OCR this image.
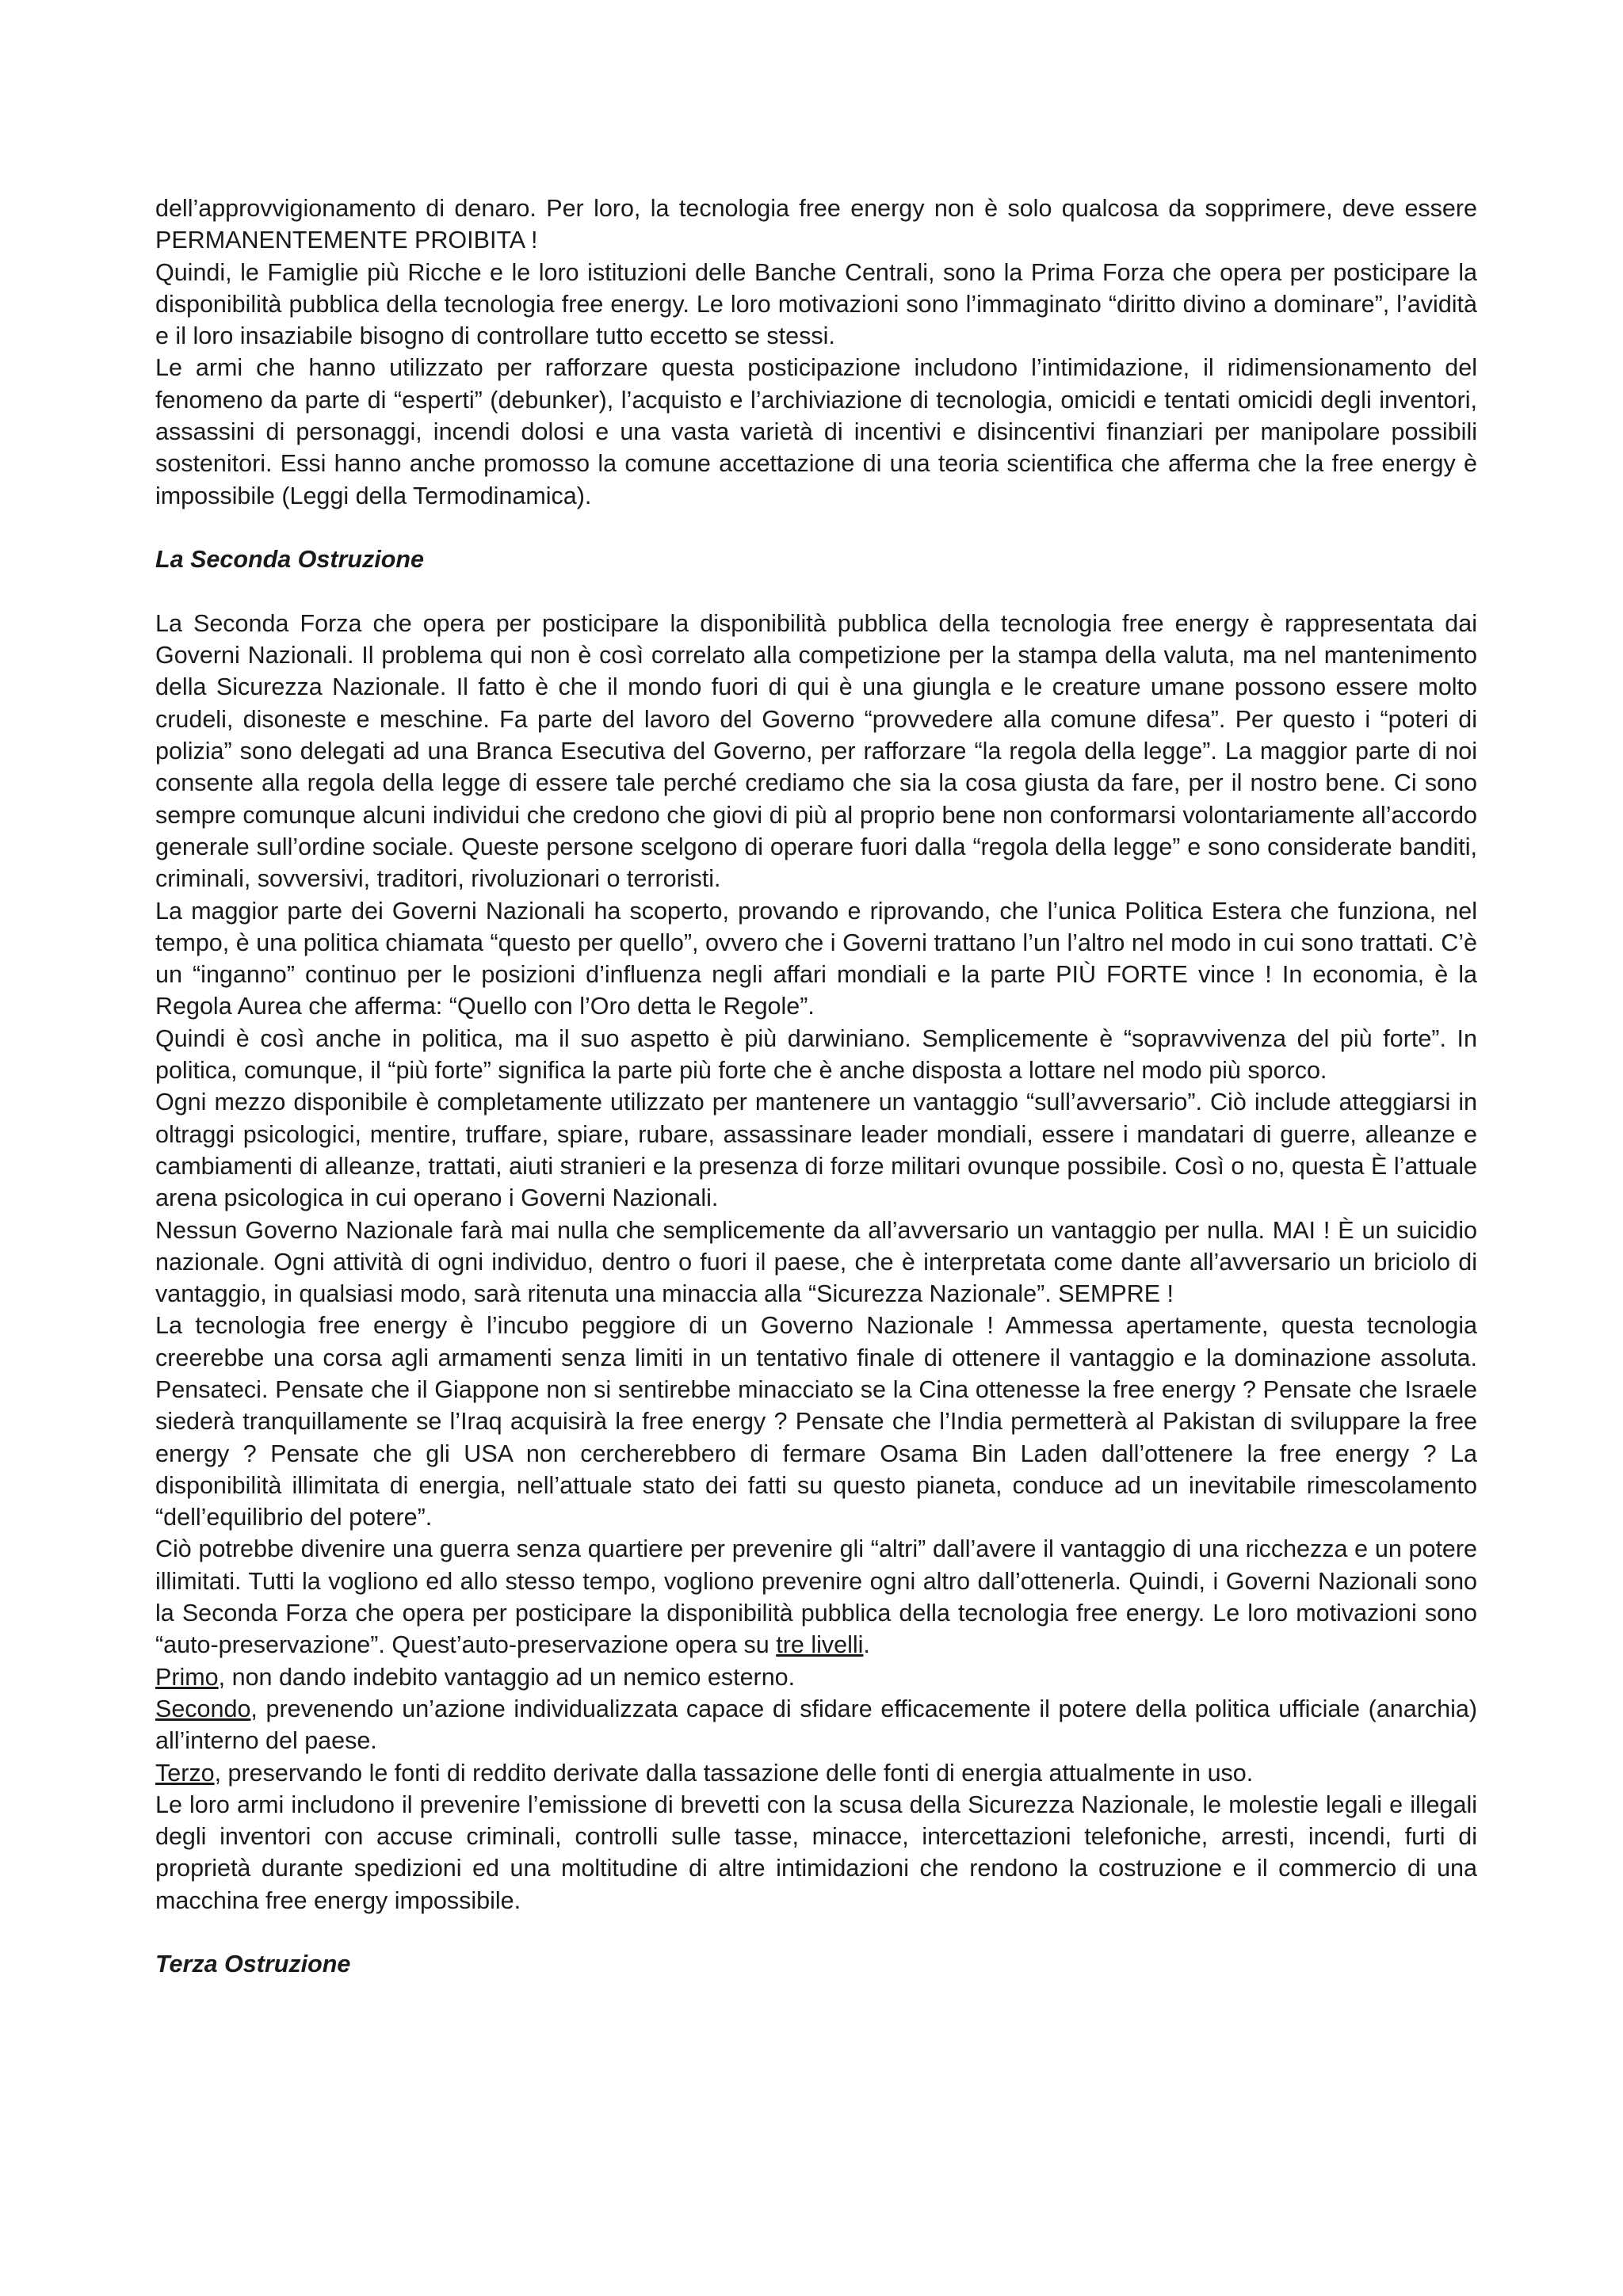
dell’approvvigionamento di denaro. Per loro, la tecnologia free energy non è solo qualcosa da sopprimere, deve essere PERMANENTEMENTE PROIBITA !

Quindi, le Famiglie più Ricche e le loro istituzioni delle Banche Centrali, sono la Prima Forza che opera per posticipare la disponibilità pubblica della tecnologia free energy. Le loro motivazioni sono l’immaginato “diritto divino a dominare”, l’avidità e il loro insaziabile bisogno di controllare tutto eccetto se stessi.

Le armi che hanno utilizzato per rafforzare questa posticipazione includono l’intimidazione, il ridimensionamento del fenomeno da parte di “esperti” (debunker), l’acquisto e l’archiviazione di tecnologia, omicidi e tentati omicidi degli inventori, assassini di personaggi, incendi dolosi e una vasta varietà di incentivi e disincentivi finanziari per manipolare possibili sostenitori. Essi hanno anche promosso la comune accettazione di una teoria scientifica che afferma che la free energy è impossibile (Leggi della Termodinamica).

La Seconda Ostruzione

La Seconda Forza che opera per posticipare la disponibilità pubblica della tecnologia free energy è rappresentata dai Governi Nazionali. Il problema qui non è così correlato alla competizione per la stampa della valuta, ma nel mantenimento della Sicurezza Nazionale. Il fatto è che il mondo fuori di qui è una giungla e le creature umane possono essere molto crudeli, disoneste e meschine. Fa parte del lavoro del Governo “provvedere alla comune difesa”. Per questo i “poteri di polizia” sono delegati ad una Branca Esecutiva del Governo, per rafforzare “la regola della legge”. La maggior parte di noi consente alla regola della legge di essere tale perché crediamo che sia la cosa giusta da fare, per il nostro bene. Ci sono sempre comunque alcuni individui che credono che giovi di più al proprio bene non conformarsi volontariamente all’accordo generale sull’ordine sociale. Queste persone scelgono di operare fuori dalla “regola della legge” e sono considerate banditi, criminali, sovversivi, traditori, rivoluzionari o terroristi.

La maggior parte dei Governi Nazionali ha scoperto, provando e riprovando, che l’unica Politica Estera che funziona, nel tempo, è una politica chiamata “questo per quello”, ovvero che i Governi trattano l’un l’altro nel modo in cui sono trattati. C’è un “inganno” continuo per le posizioni d’influenza negli affari mondiali e la parte PIÙ FORTE vince ! In economia, è la Regola Aurea che afferma: “Quello con l’Oro detta le Regole”.

Quindi è così anche in politica, ma il suo aspetto è più darwiniano. Semplicemente è “sopravvivenza del più forte”. In politica, comunque, il “più forte” significa la parte più forte che è anche disposta a lottare nel modo più sporco.

Ogni mezzo disponibile è completamente utilizzato per mantenere un vantaggio “sull’avversario”. Ciò include atteggiarsi in oltraggi psicologici, mentire, truffare, spiare, rubare, assassinare leader mondiali, essere i mandatari di guerre, alleanze e cambiamenti di alleanze, trattati, aiuti stranieri e la presenza di forze militari ovunque possibile. Così o no, questa È l’attuale arena psicologica in cui operano i Governi Nazionali.

Nessun Governo Nazionale farà mai nulla che semplicemente da all’avversario un vantaggio per nulla. MAI ! È un suicidio nazionale. Ogni attività di ogni individuo, dentro o fuori il paese, che è interpretata come dante all’avversario un briciolo di vantaggio, in qualsiasi modo, sarà ritenuta una minaccia alla “Sicurezza Nazionale”. SEMPRE !

La tecnologia free energy è l’incubo peggiore di un Governo Nazionale ! Ammessa apertamente, questa tecnologia creerebbe una corsa agli armamenti senza limiti in un tentativo finale di ottenere il vantaggio e la dominazione assoluta. Pensateci. Pensate che il Giappone non si sentirebbe minacciato se la Cina ottenesse la free energy ? Pensate che Israele siederà tranquillamente se l’Iraq acquisirà la free energy ? Pensate che l’India permetterà al Pakistan di sviluppare la free energy ? Pensate che gli USA non cercherebbero di fermare Osama Bin Laden dall’ottenere la free energy ? La disponibilità illimitata di energia, nell’attuale stato dei fatti su questo pianeta, conduce ad un inevitabile rimescolamento “dell’equilibrio del potere”.

Ciò potrebbe divenire una guerra senza quartiere per prevenire gli “altri” dall’avere il vantaggio di una ricchezza e un potere illimitati. Tutti la vogliono ed allo stesso tempo, vogliono prevenire ogni altro dall’ottenerla. Quindi, i Governi Nazionali sono la Seconda Forza che opera per posticipare la disponibilità pubblica della tecnologia free energy. Le loro motivazioni sono “auto-preservazione”. Quest’auto-preservazione opera su tre livelli.

Primo, non dando indebito vantaggio ad un nemico esterno.

Secondo, prevenendo un’azione individualizzata capace di sfidare efficacemente il potere della politica ufficiale (anarchia) all’interno del paese.

Terzo, preservando le fonti di reddito derivate dalla tassazione delle fonti di energia attualmente in uso.

Le loro armi includono il prevenire l’emissione di brevetti con la scusa della Sicurezza Nazionale, le molestie legali e illegali degli inventori con accuse criminali, controlli sulle tasse, minacce, intercettazioni telefoniche, arresti, incendi, furti di proprietà durante spedizioni ed una moltitudine di altre intimidazioni che rendono la costruzione e il commercio di una macchina free energy impossibile.

Terza Ostruzione
